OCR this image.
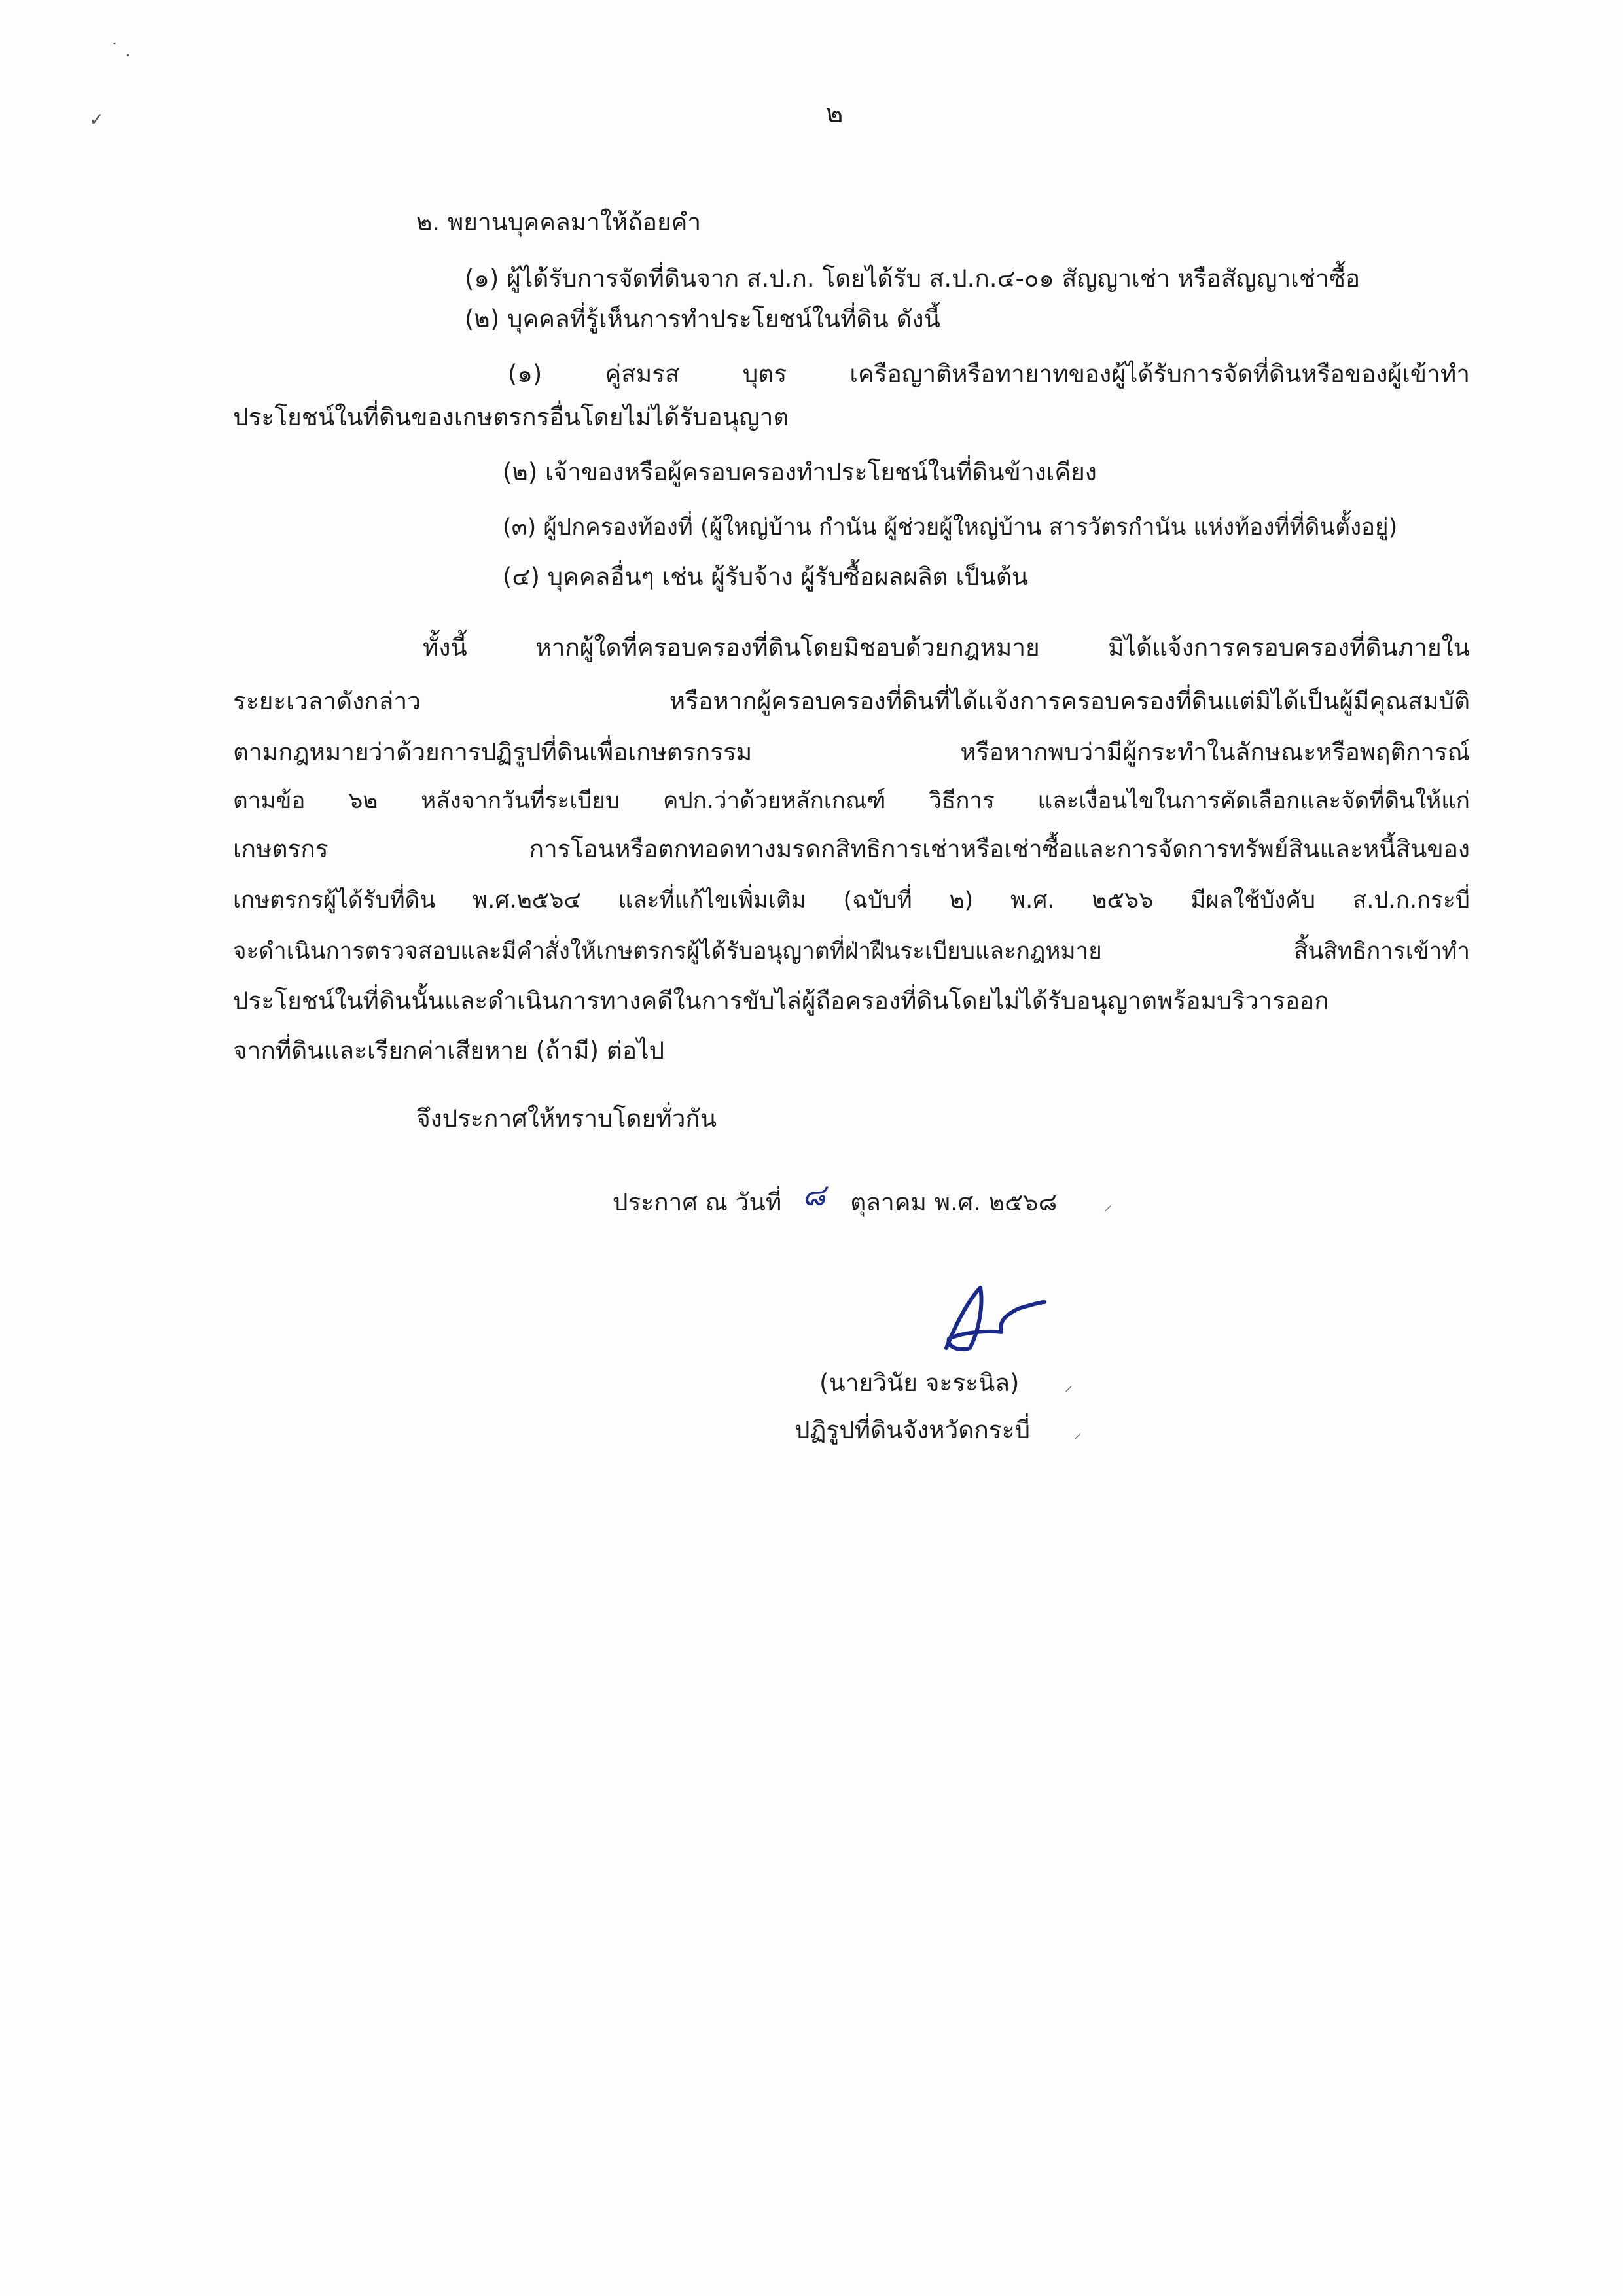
˙ .
✓	๒
๒. พยานบุคคลมาให้ถ้อยคำ
(๑) ผู้ได้รับการจัดที่ดินจาก ส.ป.ก. โดยได้รับ ส.ป.ก.๔-๐๑ สัญญาเช่า หรือสัญญาเช่าซื้อ
(๒) บุคคลที่รู้เห็นการทำประโยชน์ในที่ดิน ดังนี้
(๑) คู่สมรส บุตร เครือญาติหรือทายาทของผู้ได้รับการจัดที่ดินหรือของผู้เข้าทำ
ประโยชน์ในที่ดินของเกษตรกรอื่นโดยไม่ได้รับอนุญาต
(๒) เจ้าของหรือผู้ครอบครองทำประโยชน์ในที่ดินข้างเคียง
(๓) ผู้ปกครองท้องที่ (ผู้ใหญ่บ้าน กำนัน ผู้ช่วยผู้ใหญ่บ้าน สารวัตรกำนัน แห่งท้องที่ที่ดินตั้งอยู่)
(๔) บุคคลอื่นๆ เช่น ผู้รับจ้าง ผู้รับซื้อผลผลิต เป็นต้น
ทั้งนี้ หากผู้ใดที่ครอบครองที่ดินโดยมิชอบด้วยกฎหมาย มิได้แจ้งการครอบครองที่ดินภายใน
ระยะเวลาดังกล่าว หรือหากผู้ครอบครองที่ดินที่ได้แจ้งการครอบครองที่ดินแต่มิได้เป็นผู้มีคุณสมบัติ
ตามกฎหมายว่าด้วยการปฏิรูปที่ดินเพื่อเกษตรกรรม หรือหากพบว่ามีผู้กระทำในลักษณะหรือพฤติการณ์
ตามข้อ ๖๒ หลังจากวันที่ระเบียบ คปก.ว่าด้วยหลักเกณฑ์ วิธีการ และเงื่อนไขในการคัดเลือกและจัดที่ดินให้แก่
เกษตรกร การโอนหรือตกทอดทางมรดกสิทธิการเช่าหรือเช่าซื้อและการจัดการทรัพย์สินและหนี้สินของ
เกษตรกรผู้ได้รับที่ดิน พ.ศ.๒๕๖๔ และที่แก้ไขเพิ่มเติม (ฉบับที่ ๒) พ.ศ. ๒๕๖๖ มีผลใช้บังคับ ส.ป.ก.กระบี่
จะดำเนินการตรวจสอบและมีคำสั่งให้เกษตรกรผู้ได้รับอนุญาตที่ฝ่าฝืนระเบียบและกฎหมาย สิ้นสิทธิการเข้าทำ
ประโยชน์ในที่ดินนั้นและดำเนินการทางคดีในการขับไล่ผู้ถือครองที่ดินโดยไม่ได้รับอนุญาตพร้อมบริวารออก
จากที่ดินและเรียกค่าเสียหาย (ถ้ามี) ต่อไป
จึงประกาศให้ทราบโดยทั่วกัน
ประกาศ ณ วันที่ ๘ ตุลาคม พ.ศ. ๒๕๖๘	⸝
(นายวินัย จะระนิล)	⸝
ปฏิรูปที่ดินจังหวัดกระบี่	⸝
